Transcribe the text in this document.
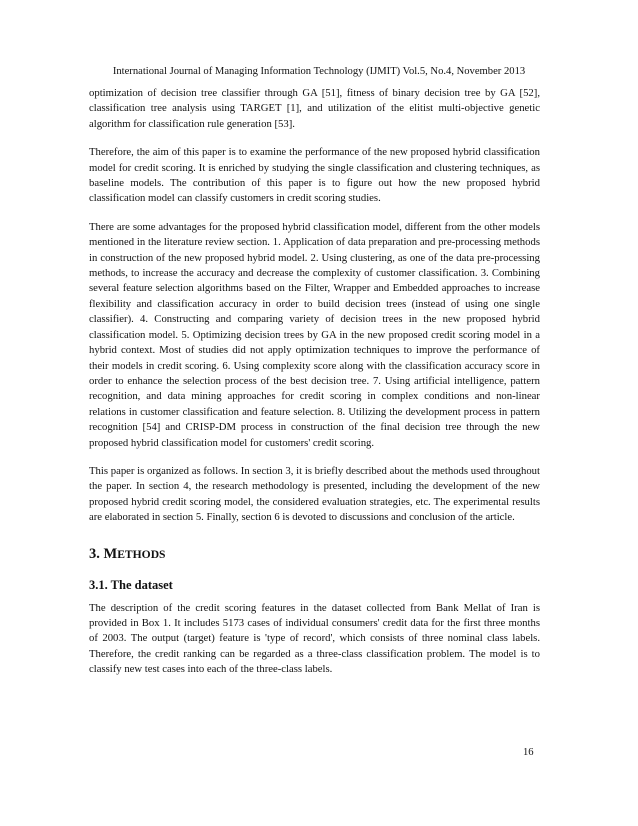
International Journal of Managing Information Technology (IJMIT) Vol.5, No.4, November 2013

optimization of decision tree classifier through GA [51], fitness of binary decision tree by GA [52], classification tree analysis using TARGET [1], and utilization of the elitist multi-objective genetic algorithm for classification rule generation [53].

Therefore, the aim of this paper is to examine the performance of the new proposed hybrid classification model for credit scoring. It is enriched by studying the single classification and clustering techniques, as baseline models. The contribution of this paper is to figure out how the new proposed hybrid classification model can classify customers in credit scoring studies.

There are some advantages for the proposed hybrid classification model, different from the other models mentioned in the literature review section. 1. Application of data preparation and pre-processing methods in construction of the new proposed hybrid model. 2. Using clustering, as one of the data pre-processing methods, to increase the accuracy and decrease the complexity of customer classification. 3. Combining several feature selection algorithms based on the Filter, Wrapper and Embedded approaches to increase flexibility and classification accuracy in order to build decision trees (instead of using one single classifier). 4. Constructing and comparing variety of decision trees in the new proposed hybrid classification model. 5. Optimizing decision trees by GA in the new proposed credit scoring model in a hybrid context. Most of studies did not apply optimization techniques to improve the performance of their models in credit scoring. 6. Using complexity score along with the classification accuracy score in order to enhance the selection process of the best decision tree. 7. Using artificial intelligence, pattern recognition, and data mining approaches for credit scoring in complex conditions and non-linear relations in customer classification and feature selection. 8. Utilizing the development process in pattern recognition [54] and CRISP-DM process in construction of the final decision tree through the new proposed hybrid classification model for customers' credit scoring.

This paper is organized as follows. In section 3, it is briefly described about the methods used throughout the paper. In section 4, the research methodology is presented, including the development of the new proposed hybrid credit scoring model, the considered evaluation strategies, etc. The experimental results are elaborated in section 5. Finally, section 6 is devoted to discussions and conclusion of the article.

3. METHODS
3.1. The dataset

The description of the credit scoring features in the dataset collected from Bank Mellat of Iran is provided in Box 1. It includes 5173 cases of individual consumers' credit data for the first three months of 2003. The output (target) feature is 'type of record', which consists of three nominal class labels. Therefore, the credit ranking can be regarded as a three-class classification problem. The model is to classify new test cases into each of the three-class labels.

16
